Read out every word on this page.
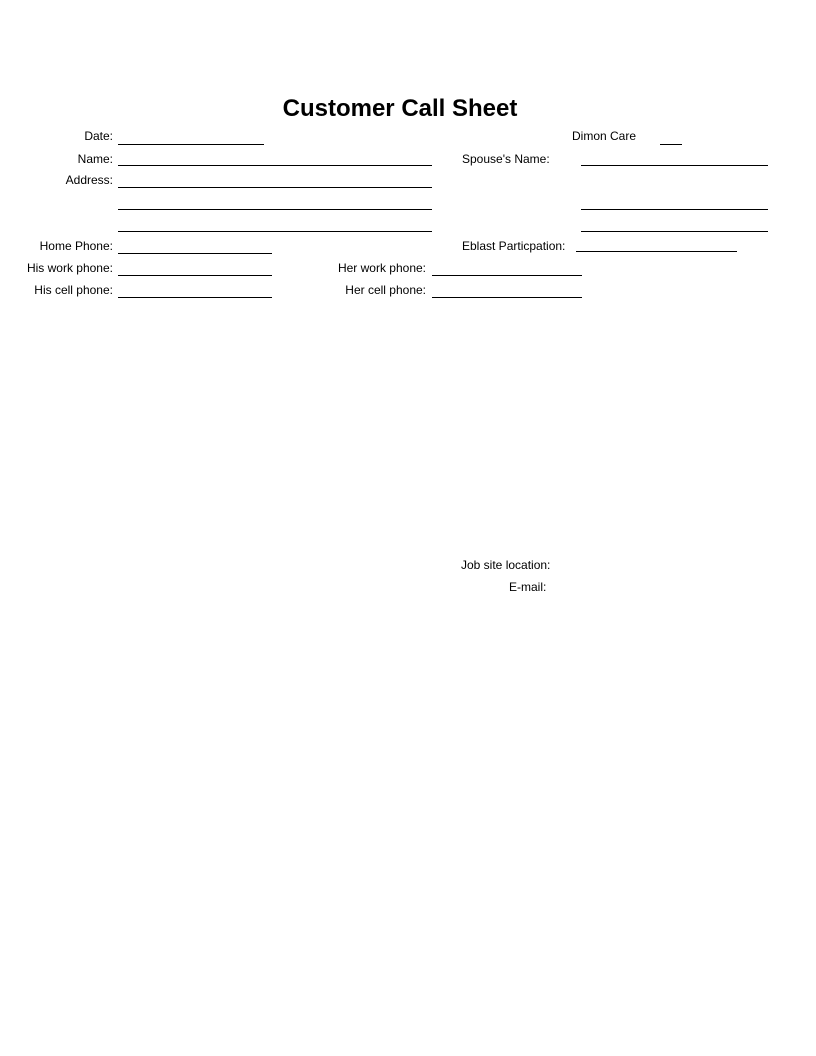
Customer Call Sheet
Date:	Dimon Care
Name:	Spouse's Name:
Address:
Home Phone:	Eblast Particpation:
His work phone:	Her work phone:
His cell phone:	Her cell phone:
Job site location:
E-mail:
